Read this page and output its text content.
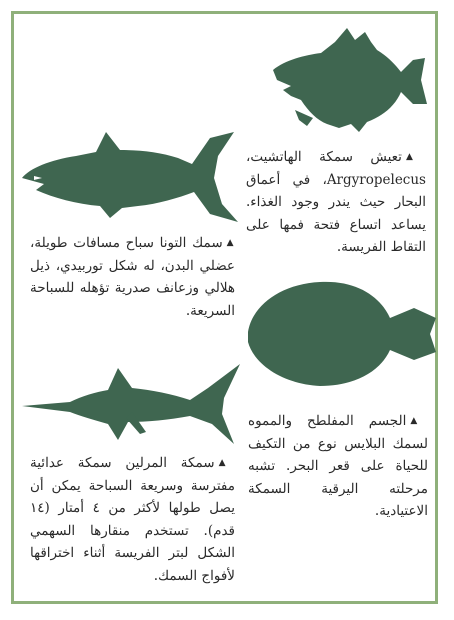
▲تعيش سمكة الهاتشيت، Argyropelecus، في أعماق البحار حيث يندر وجود الغذاء. يساعد اتساع فتحة فمها على التقاط الفريسة.
▲سمك التونا سباح مسافات طويلة، عضلي البدن، له شكل توربيدي، ذيل هلالي وزعانف صدرية تؤهله للسباحة السريعة.
▲الجسم المفلطح والمموه لسمك البلايس نوع من التكيف للحياة على قعر البحر. تشبه مرحلته اليرقية السمكة الاعتيادية.
▲سمكة المرلين سمكة عدائية مفترسة وسريعة السباحة يمكن أن يصل طولها لأكثر من ٤ أمتار (١٤ قدم). تستخدم منقارها السهمي الشكل لبتر الفريسة أثناء اختراقها لأفواج السمك.
